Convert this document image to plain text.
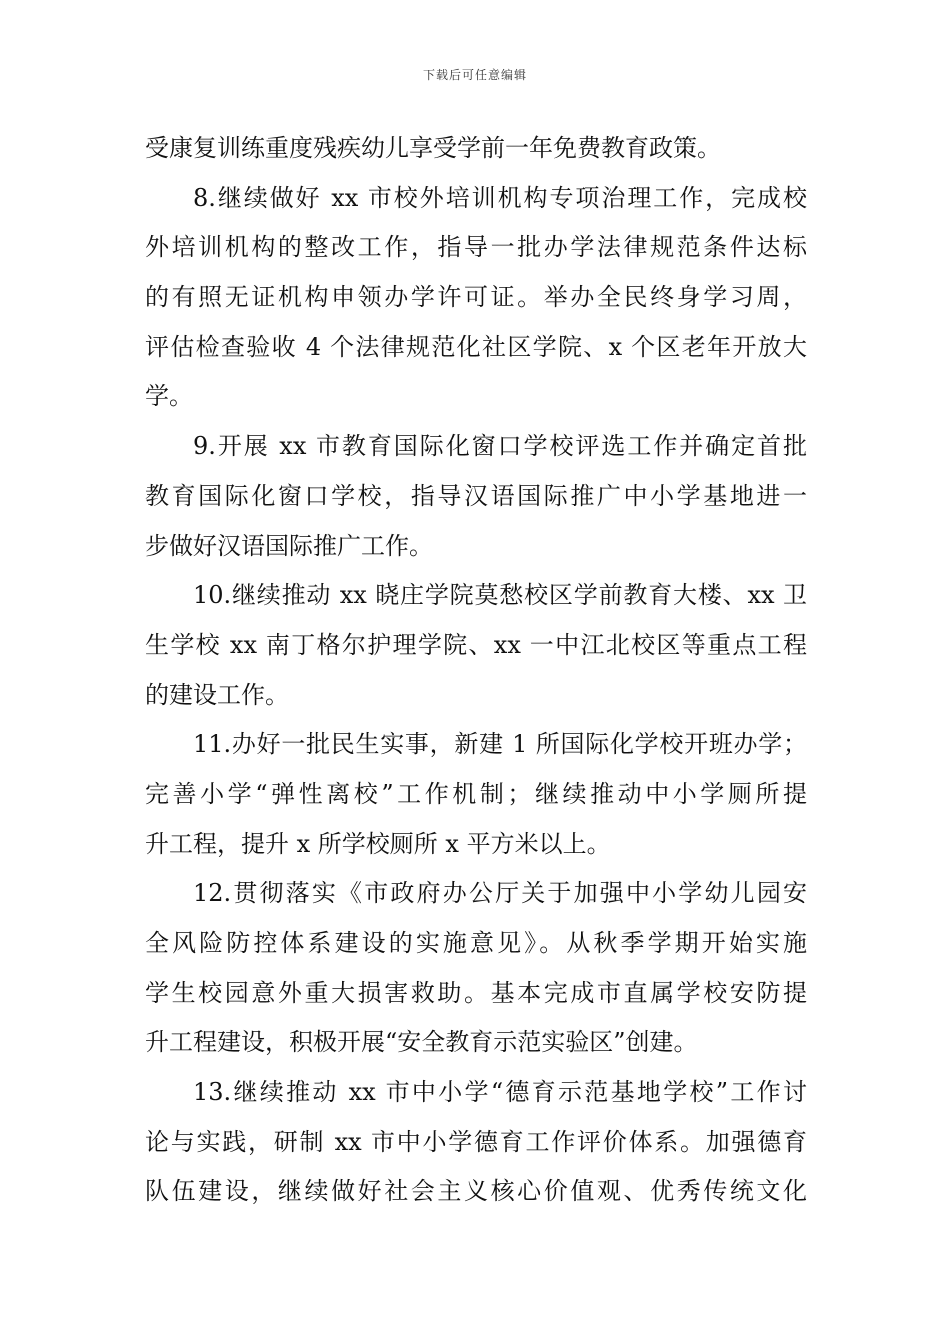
下载后可任意编辑
受康复训练重度残疾幼儿享受学前一年免费教育政策。
8.继续做好 xx 市校外培训机构专项治理工作，完成校
外培训机构的整改工作，指导一批办学法律规范条件达标
的有照无证机构申领办学许可证。举办全民终身学习周，
评估检查验收 4 个法律规范化社区学院、x 个区老年开放大
学。
9.开展 xx 市教育国际化窗口学校评选工作并确定首批
教育国际化窗口学校，指导汉语国际推广中小学基地进一
步做好汉语国际推广工作。
10.继续推动 xx 晓庄学院莫愁校区学前教育大楼、xx 卫
生学校 xx 南丁格尔护理学院、xx 一中江北校区等重点工程
的建设工作。
11.办好一批民生实事，新建 1 所国际化学校开班办学；
完善小学“弹性离校”工作机制；继续推动中小学厕所提
升工程，提升 x 所学校厕所 x 平方米以上。
12.贯彻落实《市政府办公厅关于加强中小学幼儿园安
全风险防控体系建设的实施意见》。从秋季学期开始实施
学生校园意外重大损害救助。基本完成市直属学校安防提
升工程建设，积极开展“安全教育示范实验区”创建。
13.继续推动 xx 市中小学“德育示范基地学校”工作讨
论与实践，研制 xx 市中小学德育工作评价体系。加强德育
队伍建设，继续做好社会主义核心价值观、优秀传统文化
